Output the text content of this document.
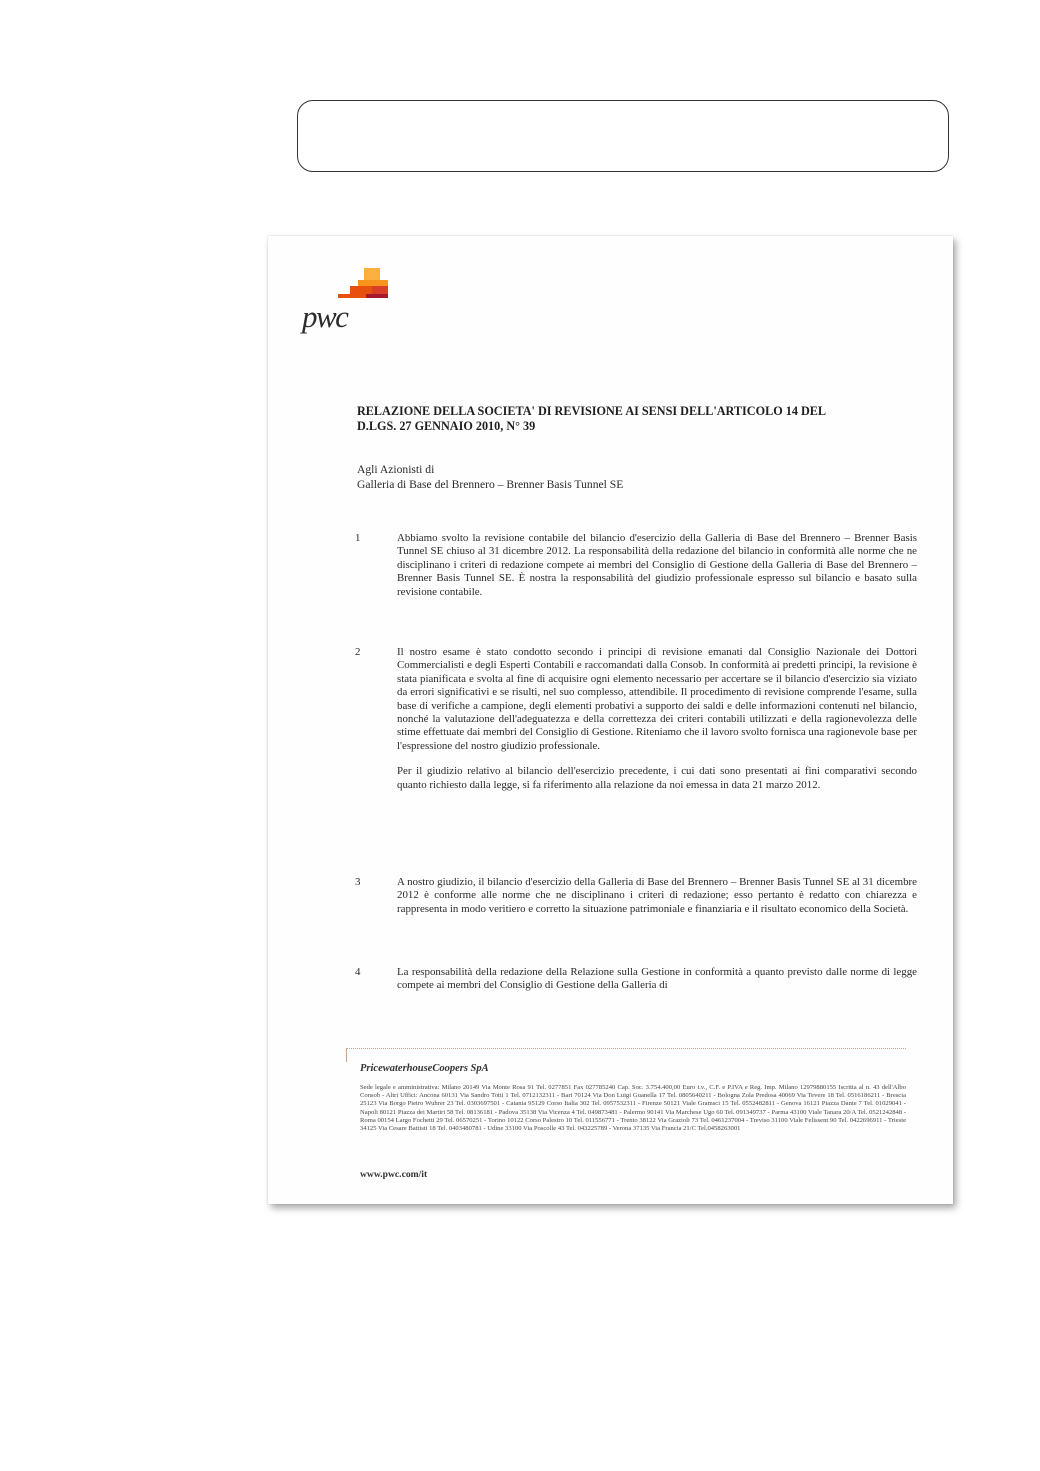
pwc
RELAZIONE DELLA SOCIETA' DI REVISIONE AI SENSI DELL'ARTICOLO 14 DEL
D.LGS. 27 GENNAIO 2010, N° 39
Agli Azionisti di
Galleria di Base del Brennero – Brenner Basis Tunnel SE
1	Abbiamo svolto la revisione contabile del bilancio d'esercizio della Galleria di Base del Brennero – Brenner Basis Tunnel SE chiuso al 31 dicembre 2012. La responsabilità della redazione del bilancio in conformità alle norme che ne disciplinano i criteri di redazione compete ai membri del Consiglio di Gestione della Galleria di Base del Brennero – Brenner Basis Tunnel SE. È nostra la responsabilità del giudizio professionale espresso sul bilancio e basato sulla revisione contabile.

2	Il nostro esame è stato condotto secondo i principi di revisione emanati dal Consiglio Nazionale dei Dottori Commercialisti e degli Esperti Contabili e raccomandati dalla Consob. In conformità ai predetti principi, la revisione è stata pianificata e svolta al fine di acquisire ogni elemento necessario per accertare se il bilancio d'esercizio sia viziato da errori significativi e se risulti, nel suo complesso, attendibile. Il procedimento di revisione comprende l'esame, sulla base di verifiche a campione, degli elementi probativi a supporto dei saldi e delle informazioni contenuti nel bilancio, nonché la valutazione dell'adeguatezza e della correttezza dei criteri contabili utilizzati e della ragionevolezza delle stime effettuate dai membri del Consiglio di Gestione. Riteniamo che il lavoro svolto fornisca una ragionevole base per l'espressione del nostro giudizio professionale.

Per il giudizio relativo al bilancio dell'esercizio precedente, i cui dati sono presentati ai fini comparativi secondo quanto richiesto dalla legge, si fa riferimento alla relazione da noi emessa in data 21 marzo 2012.

3	A nostro giudizio, il bilancio d'esercizio della Galleria di Base del Brennero – Brenner Basis Tunnel SE al 31 dicembre 2012 è conforme alle norme che ne disciplinano i criteri di redazione; esso pertanto è redatto con chiarezza e rappresenta in modo veritiero e corretto la situazione patrimoniale e finanziaria e il risultato economico della Società.

4	La responsabilità della redazione della Relazione sulla Gestione in conformità a quanto previsto dalle norme di legge compete ai membri del Consiglio di Gestione della Galleria di

PricewaterhouseCoopers SpA
Sede legale e amministrativa: Milano 20149 Via Monte Rosa 91 Tel. 0277851 Fax 027785240 Cap. Soc. 3.754.400,00 Euro i.v., C.F. e P.IVA e Reg. Imp. Milano 12979880155 Iscritta al n. 43 dell'Albo Consob - Altri Uffici: Ancona 60131 Via Sandro Totti 1 Tel. 0712132311 - Bari 70124 Via Don Luigi Guanella 17 Tel. 0805640211 - Bologna Zola Predosa 40069 Via Tevere 18 Tel. 0516186211 - Brescia 25123 Via Borgo Pietro Wuhrer 23 Tel. 0303697501 - Catania 95129 Corso Italia 302 Tel. 0957532311 - Firenze 50121 Viale Gramsci 15 Tel. 0552482811 - Genova 16121 Piazza Dante 7 Tel. 01029041 - Napoli 80121 Piazza dei Martiri 58 Tel. 08136181 - Padova 35138 Via Vicenza 4 Tel. 049873481 - Palermo 90141 Via Marchese Ugo 60 Tel. 091349737 - Parma 43100 Viale Tanara 20/A Tel. 0521242848 - Roma 00154 Largo Fochetti 29 Tel. 06570251 - Torino 10122 Corso Palestro 10 Tel. 011556771 - Trento 38122 Via Grazioli 73 Tel. 0461237004 - Treviso 31100 Viale Felissent 90 Tel. 0422696911 - Trieste 34125 Via Cesare Battisti 18 Tel. 0403480781 - Udine 33100 Via Poscolle 43 Tel. 043225789 - Verona 37135 Via Francia 21/C Tel.0458263001
www.pwc.com/it
